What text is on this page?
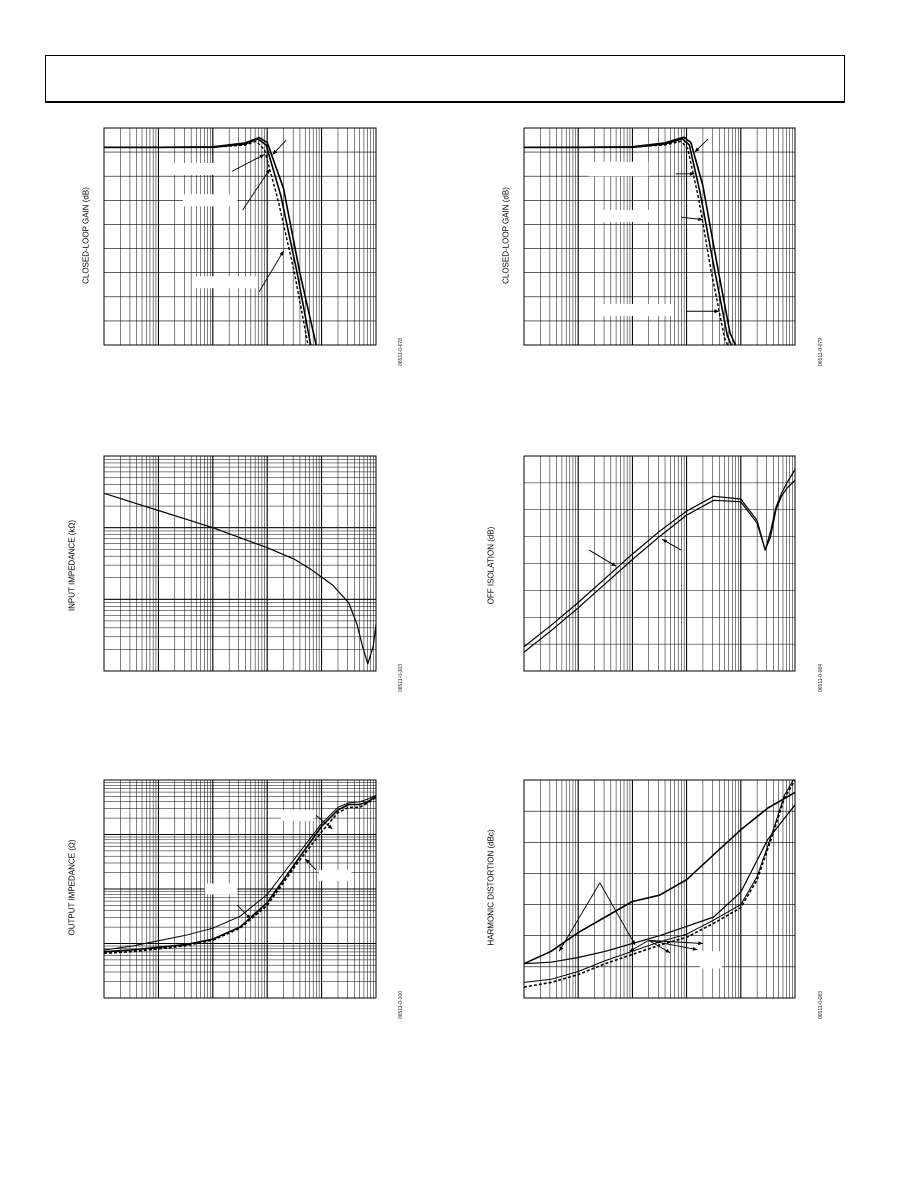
CLOSED-LOOP GAIN (dB)
06511-0-078
CLOSED-LOOP GAIN (dB)
06511-0-079
INPUT IMPEDANCE (kΩ)
06511-0-103
OFF ISOLATION (dB)
06511-0-084
OUTPUT IMPEDANCE (Ω)
06511-0-100
HARMONIC DISTORTION (dBc)
06511-0-083
